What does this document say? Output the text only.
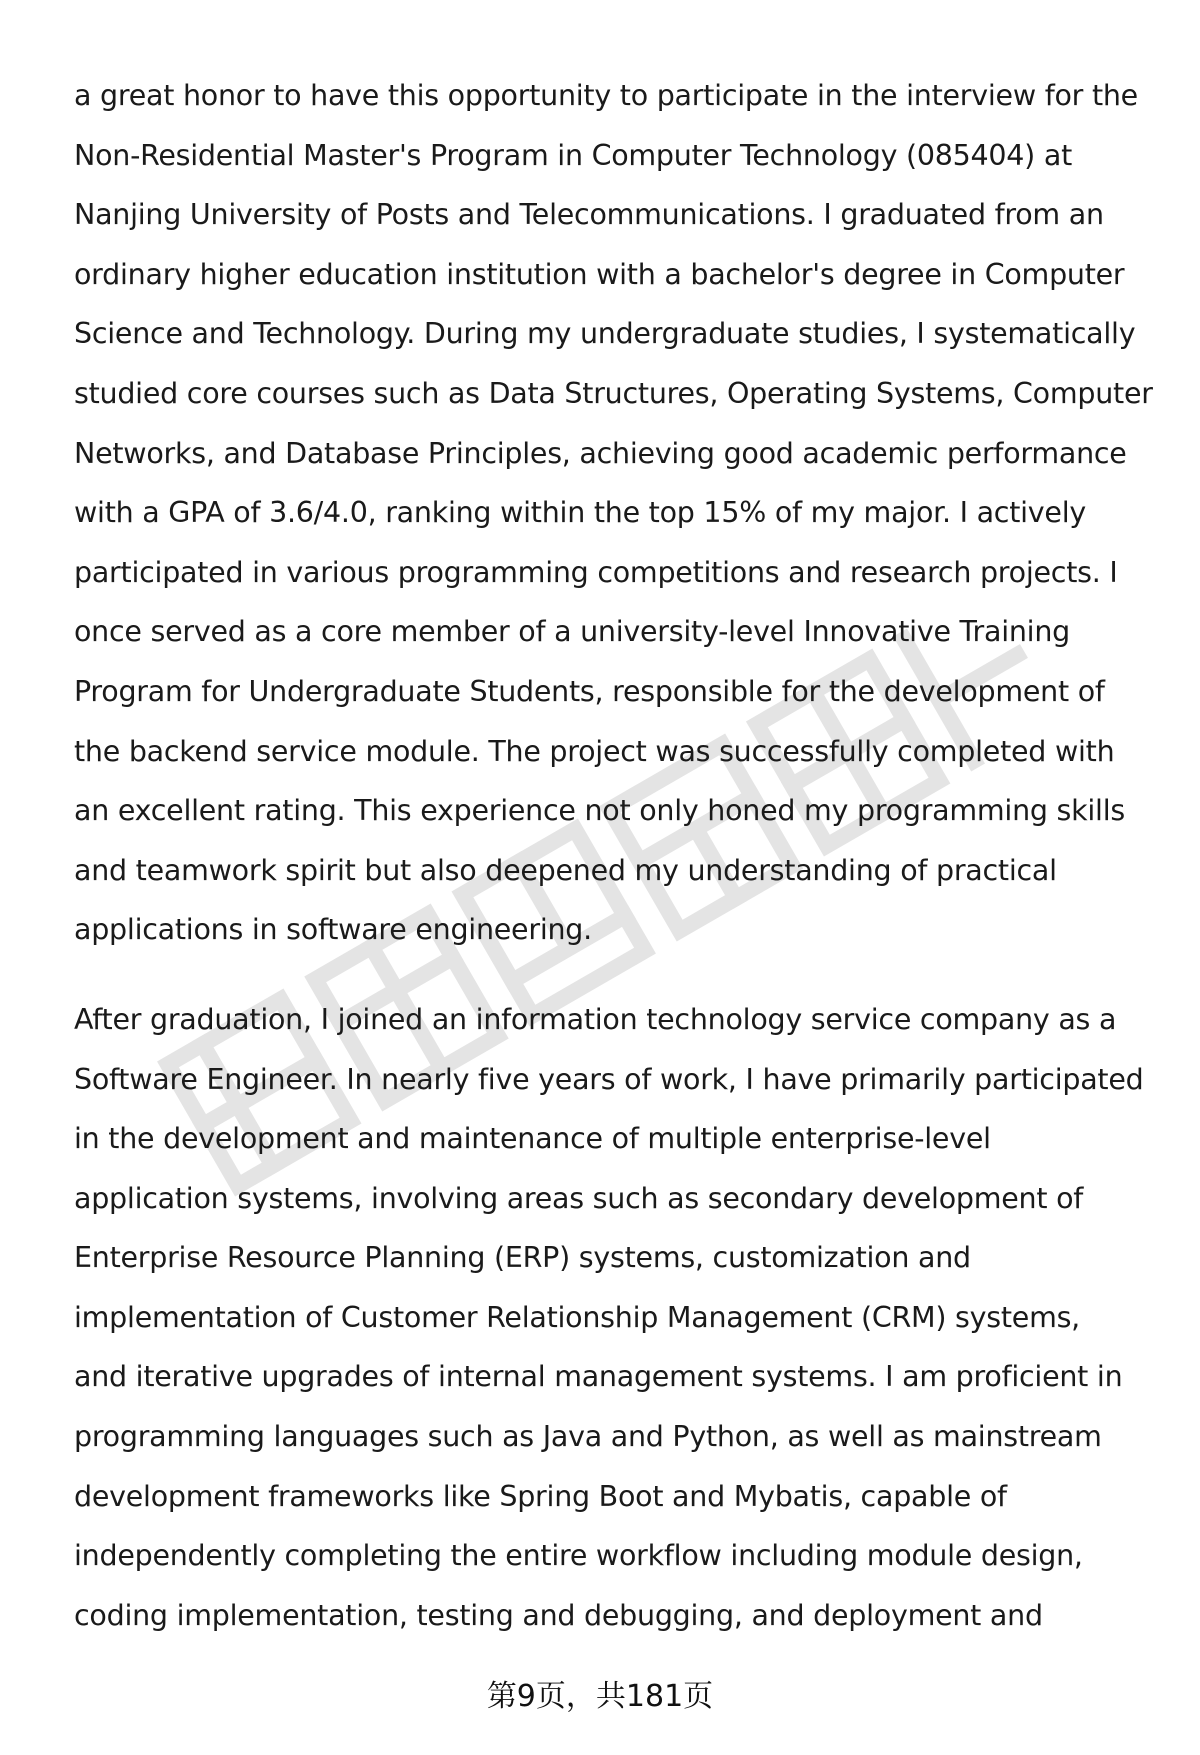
a great honor to have this opportunity to participate in the interview for the
Non-Residential Master's Program in Computer Technology (085404) at
Nanjing University of Posts and Telecommunications. I graduated from an
ordinary higher education institution with a bachelor's degree in Computer
Science and Technology. During my undergraduate studies, I systematically
studied core courses such as Data Structures, Operating Systems, Computer
Networks, and Database Principles, achieving good academic performance
with a GPA of 3.6/4.0, ranking within the top 15% of my major. I actively
participated in various programming competitions and research projects. I
once served as a core member of a university-level Innovative Training
Program for Undergraduate Students, responsible for the development of
the backend service module. The project was successfully completed with
an excellent rating. This experience not only honed my programming skills
and teamwork spirit but also deepened my understanding of practical
applications in software engineering.

After graduation, I joined an information technology service company as a
Software Engineer. In nearly five years of work, I have primarily participated
in the development and maintenance of multiple enterprise-level
application systems, involving areas such as secondary development of
Enterprise Resource Planning (ERP) systems, customization and
implementation of Customer Relationship Management (CRM) systems,
and iterative upgrades of internal management systems. I am proficient in
programming languages such as Java and Python, as well as mainstream
development frameworks like Spring Boot and Mybatis, capable of
independently completing the entire workflow including module design,
coding implementation, testing and debugging, and deployment and

第9页，共181页
